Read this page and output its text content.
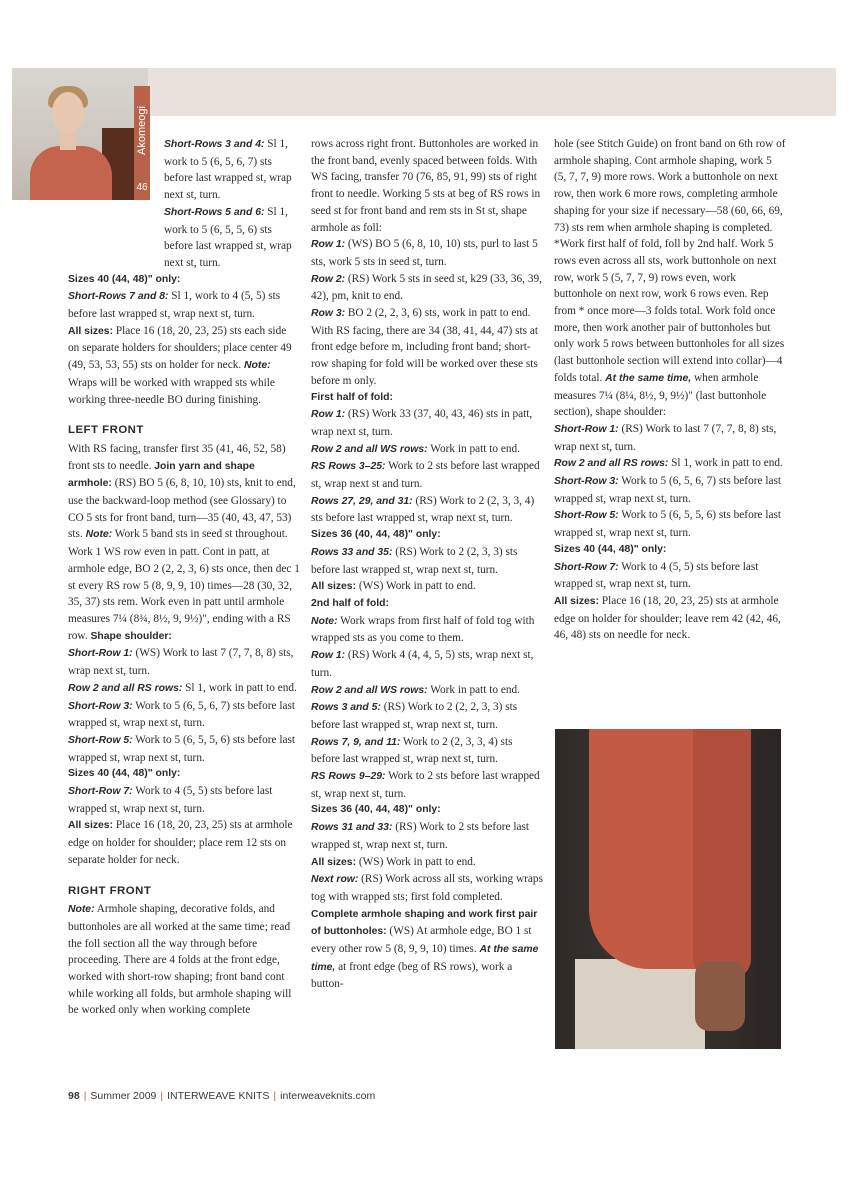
Akomeogi
46

Short-Rows 3 and 4: Sl 1, work to 5 (6, 5, 6, 7) sts before last wrapped st, wrap next st, turn.

Short-Rows 5 and 6: Sl 1, work to 5 (6, 5, 5, 6) sts before last wrapped st, wrap next st, turn.

Sizes 40 (44, 48)" only:

Short-Rows 7 and 8: Sl 1, work to 4 (5, 5) sts before last wrapped st, wrap next st, turn.

All sizes: Place 16 (18, 20, 23, 25) sts each side on separate holders for shoulders; place center 49 (49, 53, 53, 55) sts on holder for neck. Note: Wraps will be worked with wrapped sts while working three-needle BO during finishing.

LEFT FRONT

With RS facing, transfer first 35 (41, 46, 52, 58) front sts to needle. Join yarn and shape armhole: (RS) BO 5 (6, 8, 10, 10) sts, knit to end, use the backward-loop method (see Glossary) to CO 5 sts for front band, turn—35 (40, 43, 47, 53) sts. Note: Work 5 band sts in seed st throughout. Work 1 WS row even in patt. Cont in patt, at armhole edge, BO 2 (2, 2, 3, 6) sts once, then dec 1 st every RS row 5 (8, 9, 9, 10) times—28 (30, 32, 35, 37) sts rem. Work even in patt until armhole measures 7¼ (8¾, 8½, 9, 9½)", ending with a RS row. Shape shoulder:

Short-Row 1: (WS) Work to last 7 (7, 7, 8, 8) sts, wrap next st, turn.

Row 2 and all RS rows: Sl 1, work in patt to end.

Short-Row 3: Work to 5 (6, 5, 6, 7) sts before last wrapped st, wrap next st, turn.

Short-Row 5: Work to 5 (6, 5, 5, 6) sts before last wrapped st, wrap next st, turn.

Sizes 40 (44, 48)" only:

Short-Row 7: Work to 4 (5, 5) sts before last wrapped st, wrap next st, turn.

All sizes: Place 16 (18, 20, 23, 25) sts at armhole edge on holder for shoulder; place rem 12 sts on separate holder for neck.

RIGHT FRONT

Note: Armhole shaping, decorative folds, and buttonholes are all worked at the same time; read the foll section all the way through before proceeding. There are 4 folds at the front edge, worked with short-row shaping; front band cont while working all folds, but armhole shaping will be worked only when working complete

rows across right front. Buttonholes are worked in the front band, evenly spaced between folds. With WS facing, transfer 70 (76, 85, 91, 99) sts of right front to needle. Working 5 sts at beg of RS rows in seed st for front band and rem sts in St st, shape armhole as foll:

Row 1: (WS) BO 5 (6, 8, 10, 10) sts, purl to last 5 sts, work 5 sts in seed st, turn.

Row 2: (RS) Work 5 sts in seed st, k29 (33, 36, 39, 42), pm, knit to end.

Row 3: BO 2 (2, 2, 3, 6) sts, work in patt to end.

With RS facing, there are 34 (38, 41, 44, 47) sts at front edge before m, including front band; short-row shaping for fold will be worked over these sts before m only.

First half of fold:

Row 1: (RS) Work 33 (37, 40, 43, 46) sts in patt, wrap next st, turn.

Row 2 and all WS rows: Work in patt to end.

RS Rows 3–25: Work to 2 sts before last wrapped st, wrap next st and turn.

Rows 27, 29, and 31: (RS) Work to 2 (2, 3, 3, 4) sts before last wrapped st, wrap next st, turn.

Sizes 36 (40, 44, 48)" only:

Rows 33 and 35: (RS) Work to 2 (2, 3, 3) sts before last wrapped st, wrap next st, turn.

All sizes: (WS) Work in patt to end.

2nd half of fold:

Note: Work wraps from first half of fold tog with wrapped sts as you come to them.

Row 1: (RS) Work 4 (4, 4, 5, 5) sts, wrap next st, turn.

Row 2 and all WS rows: Work in patt to end.

Rows 3 and 5: (RS) Work to 2 (2, 2, 3, 3) sts before last wrapped st, wrap next st, turn.

Rows 7, 9, and 11: Work to 2 (2, 3, 3, 4) sts before last wrapped st, wrap next st, turn.

RS Rows 9–29: Work to 2 sts before last wrapped st, wrap next st, turn.

Sizes 36 (40, 44, 48)" only:

Rows 31 and 33: (RS) Work to 2 sts before last wrapped st, wrap next st, turn.

All sizes: (WS) Work in patt to end.

Next row: (RS) Work across all sts, working wraps tog with wrapped sts; first fold completed. Complete armhole shaping and work first pair of buttonholes: (WS) At armhole edge, BO 1 st every other row 5 (8, 9, 9, 10) times. At the same time, at front edge (beg of RS rows), work a button-

hole (see Stitch Guide) on front band on 6th row of armhole shaping. Cont armhole shaping, work 5 (5, 7, 7, 9) more rows. Work a buttonhole on next row, then work 6 more rows, completing armhole shaping for your size if necessary—58 (60, 66, 69, 73) sts rem when armhole shaping is completed. *Work first half of fold, foll by 2nd half. Work 5 rows even across all sts, work buttonhole on next row, work 5 (5, 7, 7, 9) rows even, work buttonhole on next row, work 6 rows even. Rep from * once more—3 folds total. Work fold once more, then work another pair of buttonholes but only work 5 rows between buttonholes for all sizes (last buttonhole section will extend into collar)—4 folds total. At the same time, when armhole measures 7¼ (8¼, 8½, 9, 9½)" (last buttonhole section), shape shoulder:

Short-Row 1: (RS) Work to last 7 (7, 7, 8, 8) sts, wrap next st, turn.

Row 2 and all RS rows: Sl 1, work in patt to end.

Short-Row 3: Work to 5 (6, 5, 6, 7) sts before last wrapped st, wrap next st, turn.

Short-Row 5: Work to 5 (6, 5, 5, 6) sts before last wrapped st, wrap next st, turn.

Sizes 40 (44, 48)" only:

Short-Row 7: Work to 4 (5, 5) sts before last wrapped st, wrap next st, turn.

All sizes: Place 16 (18, 20, 23, 25) sts at armhole edge on holder for shoulder; leave rem 42 (42, 46, 46, 48) sts on needle for neck.

98 | Summer 2009 | INTERWEAVE KNITS | interweaveknits.com
